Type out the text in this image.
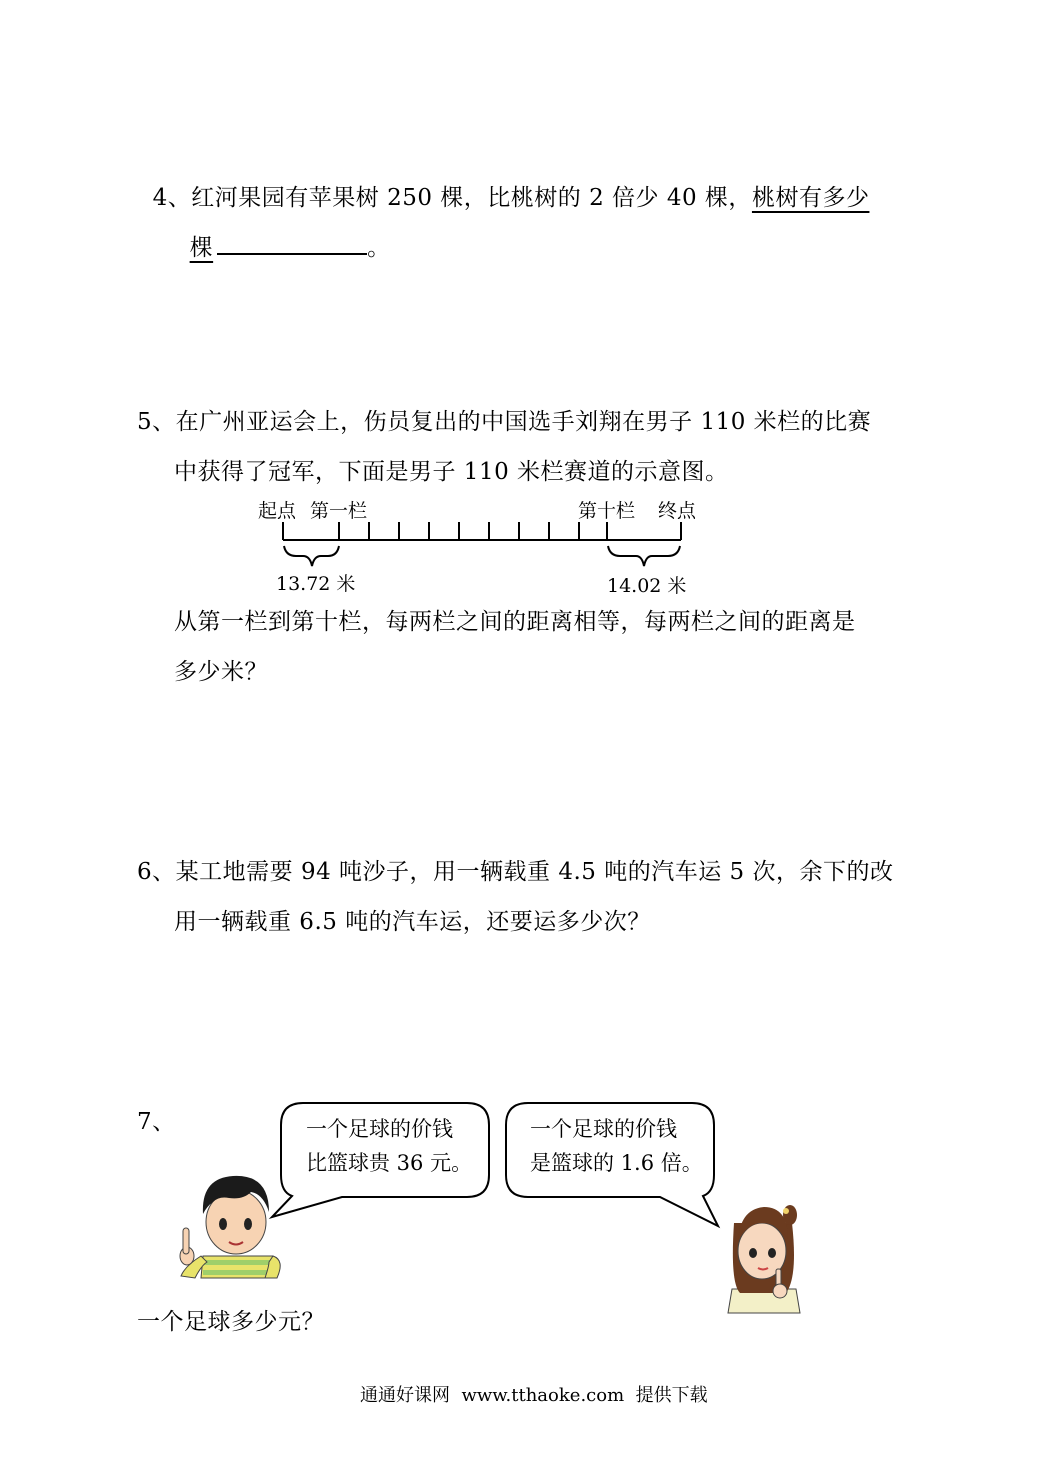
4、红河果园有苹果树 250 棵，比桃树的 2 倍少 40 棵，桃树有多少

棵	。

5、在广州亚运会上，伤员复出的中国选手刘翔在男子 110 米栏的比赛
中获得了冠军，下面是男子 110 米栏赛道的示意图。
起点 第一栏	第十栏 终点
13.72 米	14.02 米
从第一栏到第十栏，每两栏之间的距离相等，每两栏之间的距离是
多少米？
6、某工地需要 94 吨沙子，用一辆载重 4.5 吨的汽车运 5 次，余下的改
用一辆载重 6.5 吨的汽车运，还要运多少次？
7、	一个足球的价钱
比篮球贵 36 元。
一个足球的价钱
是篮球的 1.6 倍。
一个足球多少元？
通通好课网  www.tthaoke.com  提供下载
